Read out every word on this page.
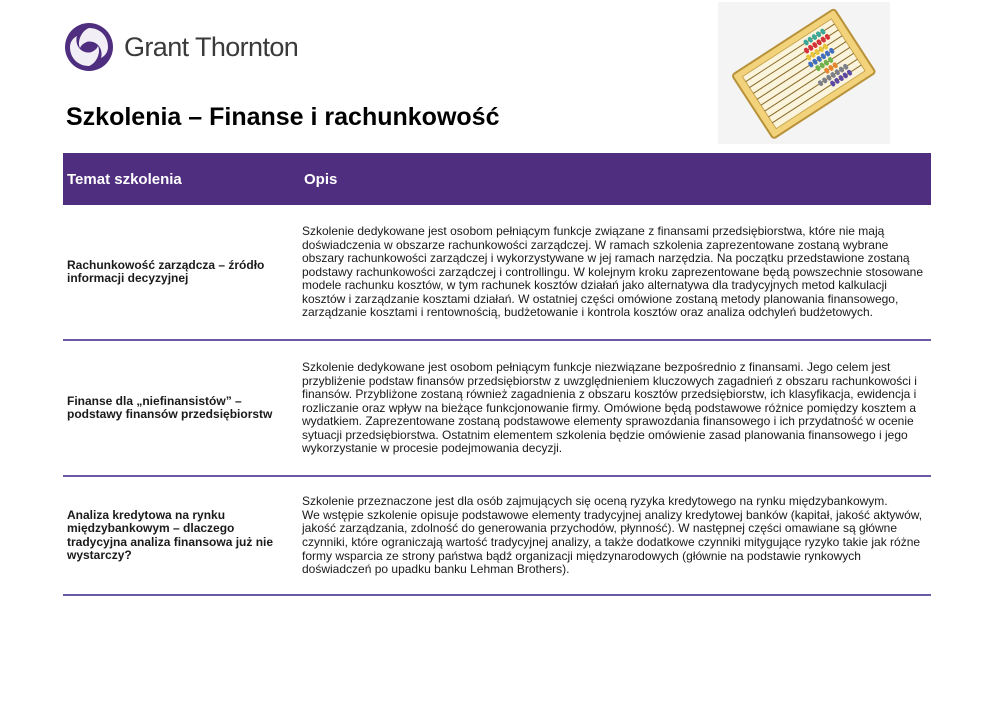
Grant Thornton
Szkolenia – Finanse i rachunkowość
Temat szkolenia	Opis
Rachunkowość zarządcza – źródło informacji decyzyjnej

Szkolenie dedykowane jest osobom pełniącym funkcje związane z finansami przedsiębiorstwa, które nie mają doświadczenia w obszarze rachunkowości zarządczej. W ramach szkolenia zaprezentowane zostaną wybrane obszary rachunkowości zarządczej i wykorzystywane w jej ramach narzędzia. Na początku przedstawione zostaną podstawy rachunkowości zarządczej i controllingu. W kolejnym kroku zaprezentowane będą powszechnie stosowane modele rachunku kosztów, w tym rachunek kosztów działań jako alternatywa dla tradycyjnych metod kalkulacji kosztów i zarządzanie kosztami działań. W ostatniej części omówione zostaną metody planowania finansowego, zarządzanie kosztami i rentownością, budżetowanie i kontrola kosztów oraz analiza odchyleń budżetowych.

Finanse dla „niefinansistów” – podstawy finansów przedsiębiorstw

Szkolenie dedykowane jest osobom pełniącym funkcje niezwiązane bezpośrednio z finansami. Jego celem jest przybliżenie podstaw finansów przedsiębiorstw z uwzględnieniem kluczowych zagadnień z obszaru rachunkowości i finansów. Przybliżone zostaną również zagadnienia z obszaru kosztów przedsiębiorstw, ich klasyfikacja, ewidencja i rozliczanie oraz wpływ na bieżące funkcjonowanie firmy. Omówione będą podstawowe różnice pomiędzy kosztem a wydatkiem. Zaprezentowane zostaną podstawowe elementy sprawozdania finansowego i ich przydatność w ocenie sytuacji przedsiębiorstwa. Ostatnim elementem szkolenia będzie omówienie zasad planowania finansowego i jego wykorzystanie w procesie podejmowania decyzji.

Analiza kredytowa na rynku międzybankowym – dlaczego tradycyjna analiza finansowa już nie wystarczy?

Szkolenie przeznaczone jest dla osób zajmujących się oceną ryzyka kredytowego na rynku międzybankowym.

We wstępie szkolenie opisuje podstawowe elementy tradycyjnej analizy kredytowej banków (kapitał, jakość aktywów, jakość zarządzania, zdolność do generowania przychodów, płynność). W następnej części omawiane są główne czynniki, które ograniczają wartość tradycyjnej analizy, a także dodatkowe czynniki mitygujące ryzyko takie jak różne formy wsparcia ze strony państwa bądź organizacji międzynarodowych (głównie na podstawie rynkowych doświadczeń po upadku banku Lehman Brothers).
